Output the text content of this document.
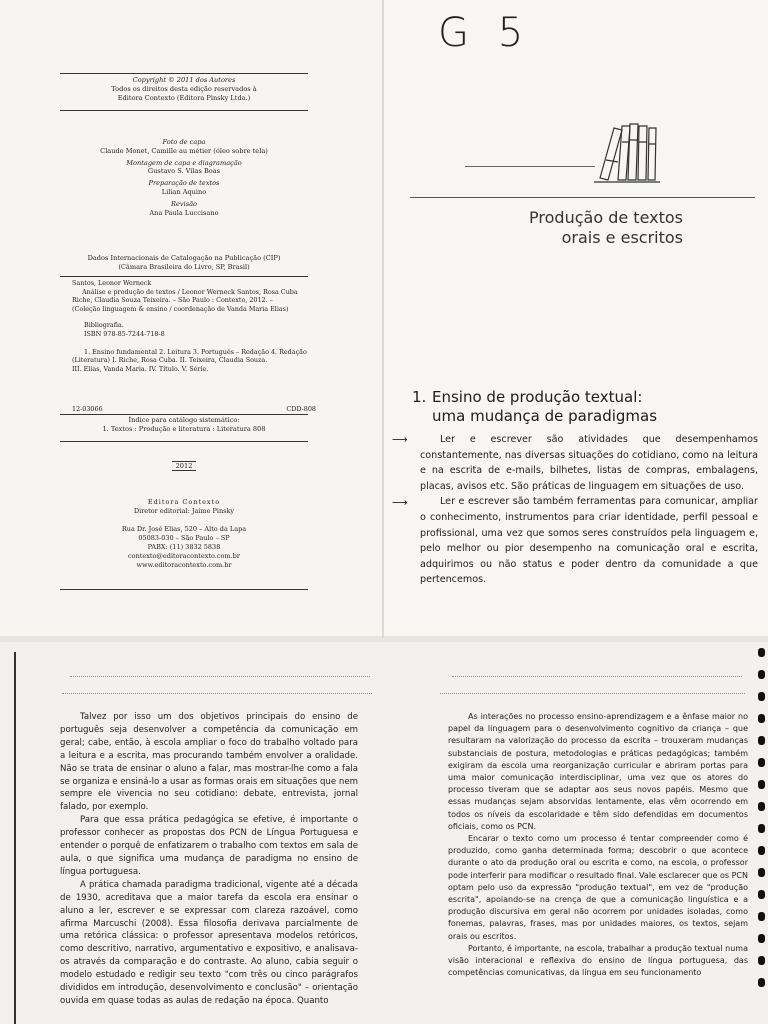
Copyright © 2011 dos Autores
Todos os direitos desta edição reservados à
Editora Contexto (Editora Pinsky Ltda.)
Foto de capa
Claude Monet, Camille au métier (óleo sobre tela)
Montagem de capa e diagramação
Gustavo S. Vilas Boas
Preparação de textos
Lilian Aquino
Revisão
Ana Paula Luccisano
Dados Internacionais de Catalogação na Publicação (CIP)
(Câmara Brasileira do Livro, SP, Brasil)
Santos, Leonor Werneck
Análise e produção de textos / Leonor Werneck Santos, Rosa Cuba
Riche, Claudia Souza Teixeira. – São Paulo : Contexto, 2012. –
(Coleção linguagem & ensino / coordenação de Vanda Maria Elias)
Bibliografia.
ISBN 978-85-7244-718-8
1. Ensino fundamental 2. Leitura 3. Português – Redação 4. Redação
(Literatura) I. Riche, Rosa Cuba. II. Teixeira, Claudia Souza.
III. Elias, Vanda Maria. IV. Título. V. Série.
12-03066	CDD-808
Índice para catálogo sistemático:
1. Textos : Produção e literatura : Literatura 808
2012
Editora Contexto
Diretor editorial: Jaime Pinsky
Rua Dr. José Elias, 520 – Alto da Lapa
05083-030 – São Paulo – SP
PABX: (11) 3832 5838
contexto@editoracontexto.com.br
www.editoracontexto.com.br
G 5
Produção de textos
orais e escritos
1. Ensino de produção textual:
uma mudança de paradigmas
⟶	Ler e escrever são atividades que desempenhamos constantemente, nas diversas situações do cotidiano, como na leitura e na escrita de e-mails, bilhetes, listas de compras, embalagens, placas, avisos etc. São práticas de linguagem em situações de uso.

⟶	Ler e escrever são também ferramentas para comunicar, ampliar o conhecimento, instrumentos para criar identidade, perfil pessoal e profissional, uma vez que somos seres construídos pela linguagem e, pelo melhor ou pior desempenho na comunicação oral e escrita, adquirimos ou não status e poder dentro da comunidade a que pertencemos.

Talvez por isso um dos objetivos principais do ensino de português seja desenvolver a competência da comunicação em geral; cabe, então, à escola ampliar o foco do trabalho voltado para a leitura e a escrita, mas procurando também envolver a oralidade. Não se trata de ensinar o aluno a falar, mas mostrar-lhe como a fala se organiza e ensiná-lo a usar as formas orais em situações que nem sempre ele vivencia no seu cotidiano: debate, entrevista, jornal falado, por exemplo.

Para que essa prática pedagógica se efetive, é importante o professor conhecer as propostas dos PCN de Língua Portuguesa e entender o porquê de enfatizarem o trabalho com textos em sala de aula, o que significa uma mudança de paradigma no ensino de língua portuguesa.

A prática chamada paradigma tradicional, vigente até a década de 1930, acreditava que a maior tarefa da escola era ensinar o aluno a ler, escrever e se expressar com clareza razoável, como afirma Marcuschi (2008). Essa filosofia derivava parcialmente de uma retórica clássica: o professor apresentava modelos retóricos, como descritivo, narrativo, argumentativo e expositivo, e analisava-os através da comparação e do contraste. Ao aluno, cabia seguir o modelo estudado e redigir seu texto "com três ou cinco parágrafos divididos em introdução, desenvolvimento e conclusão" – orientação ouvida em quase todas as aulas de redação na época. Quanto

As interações no processo ensino-aprendizagem e a ênfase maior no papel da linguagem para o desenvolvimento cognitivo da criança – que resultaram na valorização do processo da escrita – trouxeram mudanças substanciais de postura, metodologias e práticas pedagógicas; também exigiram da escola uma reorganização curricular e abriram portas para uma maior comunicação interdisciplinar, uma vez que os atores do processo tiveram que se adaptar aos seus novos papéis. Mesmo que essas mudanças sejam absorvidas lentamente, elas vêm ocorrendo em todos os níveis da escolaridade e têm sido defendidas em documentos oficiais, como os PCN.

Encarar o texto como um processo é tentar compreender como é produzido, como ganha determinada forma; descobrir o que acontece durante o ato da produção oral ou escrita e como, na escola, o professor pode interferir para modificar o resultado final. Vale esclarecer que os PCN optam pelo uso da expressão "produção textual", em vez de "produção escrita", apoiando-se na crença de que a comunicação linguística e a produção discursiva em geral não ocorrem por unidades isoladas, como fonemas, palavras, frases, mas por unidades maiores, os textos, sejam orais ou escritos.

Portanto, é importante, na escola, trabalhar a produção textual numa visão interacional e reflexiva do ensino de língua portuguesa, das competências comunicativas, da língua em seu funcionamento
